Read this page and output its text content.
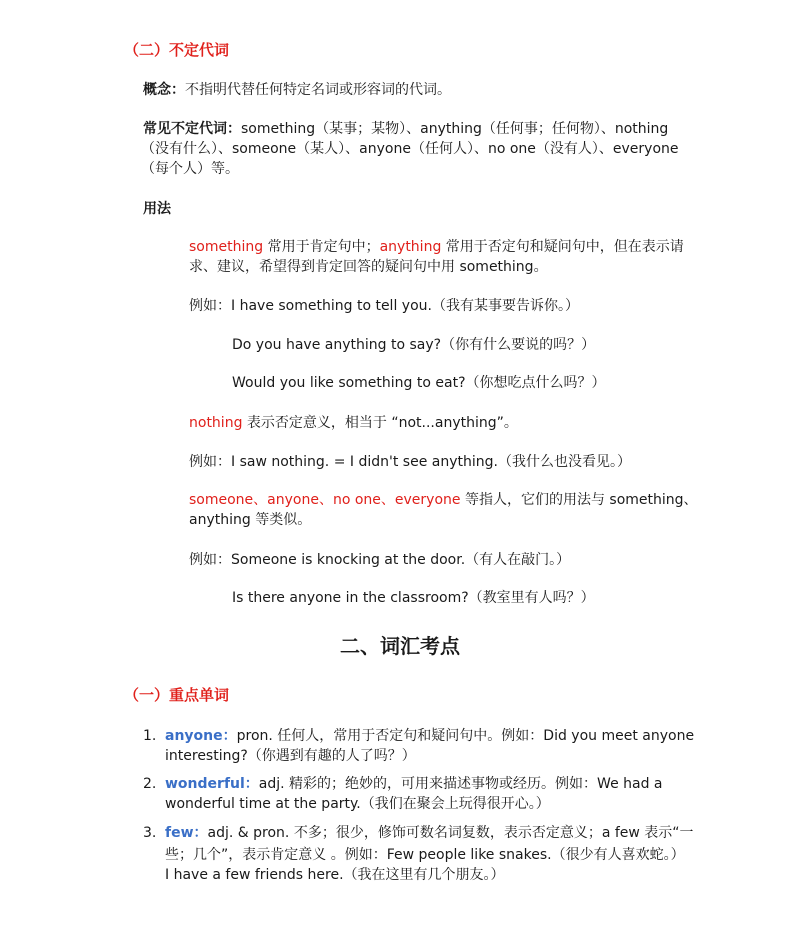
（二）不定代词
概念：不指明代替任何特定名词或形容词的代词。
常见不定代词：something（某事；某物）、anything（任何事；任何物）、nothing
（没有什么）、someone（某人）、anyone（任何人）、no one（没有人）、everyone
（每个人）等。
用法
something 常用于肯定句中；anything 常用于否定句和疑问句中，但在表示请
求、建议，希望得到肯定回答的疑问句中用 something。
例如：I have something to tell you.（我有某事要告诉你。）
Do you have anything to say?（你有什么要说的吗？）
Would you like something to eat?（你想吃点什么吗？）
nothing 表示否定意义，相当于 “not...anything”。
例如：I saw nothing. = I didn't see anything.（我什么也没看见。）
someone、anyone、no one、everyone 等指人，它们的用法与 something、
anything 等类似。
例如：Someone is knocking at the door.（有人在敲门。）
Is there anyone in the classroom?（教室里有人吗？）
二、词汇考点
（一）重点单词
1. anyone：pron. 任何人，常用于否定句和疑问句中。例如：Did you meet anyone
interesting?（你遇到有趣的人了吗？）
2. wonderful：adj. 精彩的；绝妙的，可用来描述事物或经历。例如：We had a
wonderful time at the party.（我们在聚会上玩得很开心。）
3. few：adj. & pron. 不多；很少，修饰可数名词复数，表示否定意义；a few 表示“一
些；几个”，表示肯定意义 。例如：Few people like snakes.（很少有人喜欢蛇。）
I have a few friends here.（我在这里有几个朋友。）
